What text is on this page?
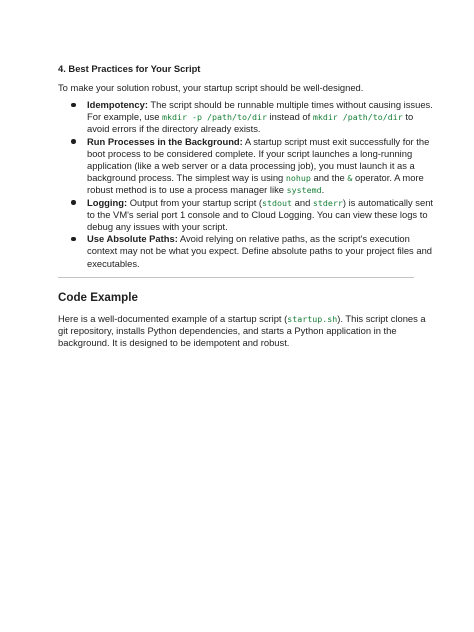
4. Best Practices for Your Script
To make your solution robust, your startup script should be well-designed.
Idempotency: The script should be runnable multiple times without causing issues.
For example, use mkdir -p /path/to/dir instead of mkdir /path/to/dir to
avoid errors if the directory already exists.
Run Processes in the Background: A startup script must exit successfully for the
boot process to be considered complete. If your script launches a long-running
application (like a web server or a data processing job), you must launch it as a
background process. The simplest way is using nohup and the & operator. A more
robust method is to use a process manager like systemd.
Logging: Output from your startup script (stdout and stderr) is automatically sent
to the VM's serial port 1 console and to Cloud Logging. You can view these logs to
debug any issues with your script.
Use Absolute Paths: Avoid relying on relative paths, as the script's execution
context may not be what you expect. Define absolute paths to your project files and
executables.
Code Example
Here is a well-documented example of a startup script (startup.sh). This script clones a
git repository, installs Python dependencies, and starts a Python application in the
background. It is designed to be idempotent and robust.
